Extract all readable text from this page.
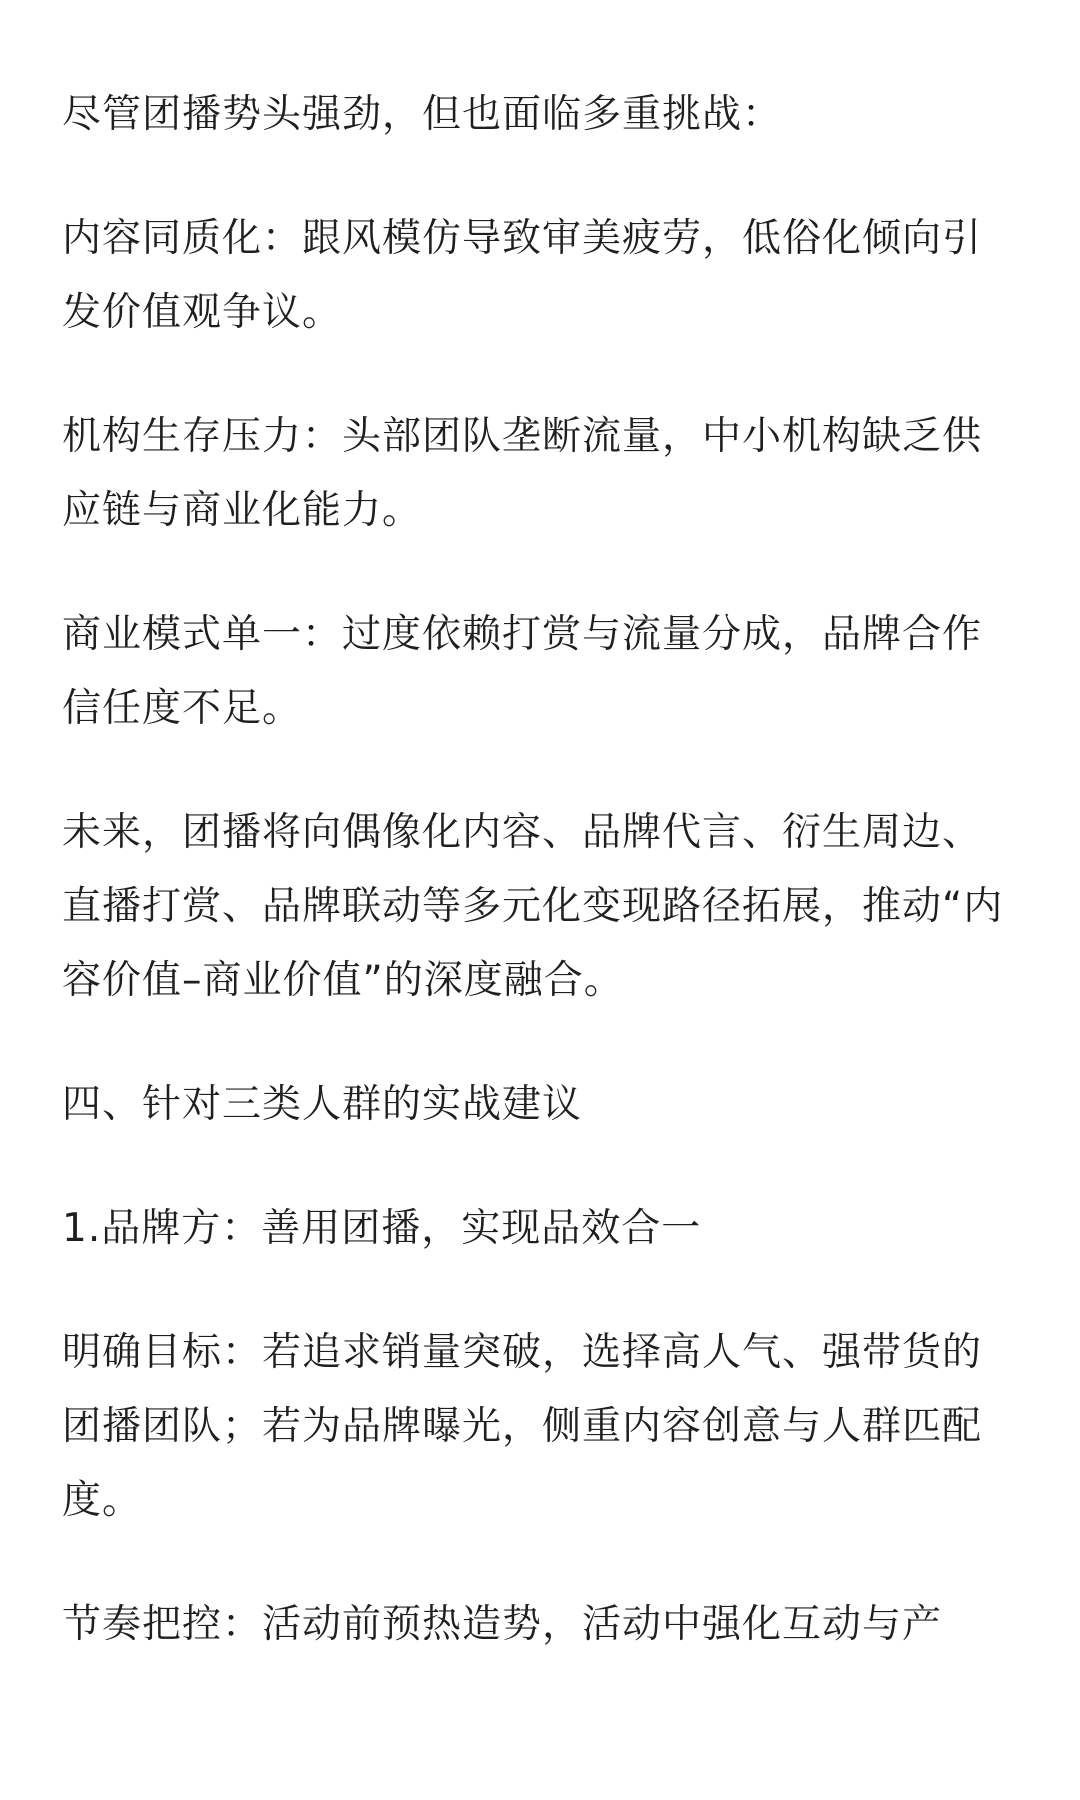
尽管团播势头强劲，但也面临多重挑战：

内容同质化：跟风模仿导致审美疲劳，低俗化倾向引发价值观争议。

机构生存压力：头部团队垄断流量，中小机构缺乏供应链与商业化能力。

商业模式单一：过度依赖打赏与流量分成，品牌合作信任度不足。

未来，团播将向偶像化内容、品牌代言、衍生周边、直播打赏、品牌联动等多元化变现路径拓展，推动“内容价值–商业价值”的深度融合。

四、针对三类人群的实战建议

1.品牌方：善用团播，实现品效合一

明确目标：若追求销量突破，选择高人气、强带货的团播团队；若为品牌曝光，侧重内容创意与人群匹配度。

节奏把控：活动前预热造势，活动中强化互动与产
